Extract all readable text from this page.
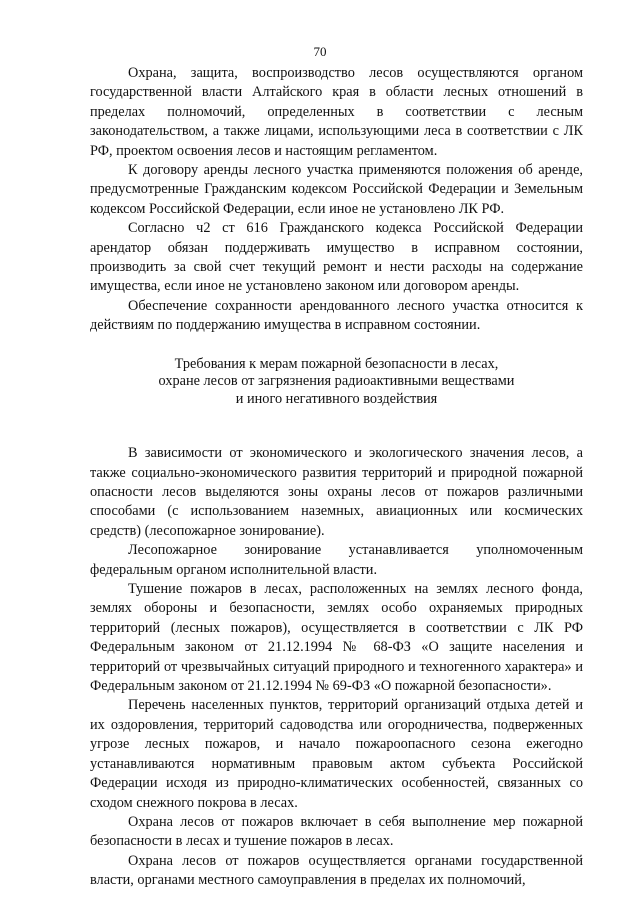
70

Охрана, защита, воспроизводство лесов осуществляются органом государственной власти Алтайского края в области лесных отношений в пределах полномочий, определенных в соответствии с лесным законодательством, а также лицами, использующими леса в соответствии с ЛК РФ, проектом освоения лесов и настоящим регламентом.

К договору аренды лесного участка применяются положения об аренде, предусмотренные Гражданским кодексом Российской Федерации и Земельным кодексом Российской Федерации, если иное не установлено ЛК РФ.

Согласно ч2 ст 616 Гражданского кодекса Российской Федерации арендатор обязан поддерживать имущество в исправном состоянии, производить за свой счет текущий ремонт и нести расходы на содержание имущества, если иное не установлено законом или договором аренды.

Обеспечение сохранности арендованного лесного участка относится к действиям по поддержанию имущества в исправном состоянии.

Требования к мерам пожарной безопасности в лесах,
охране лесов от загрязнения радиоактивными веществами
и иного негативного воздействия

В зависимости от экономического и экологического значения лесов, а также социально-экономического развития территорий и природной пожарной опасности лесов выделяются зоны охраны лесов от пожаров различными способами (с использованием наземных, авиационных или космических средств) (лесопожарное зонирование).

Лесопожарное зонирование устанавливается уполномоченным федеральным органом исполнительной власти.

Тушение пожаров в лесах, расположенных на землях лесного фонда, землях обороны и безопасности, землях особо охраняемых природных территорий (лесных пожаров), осуществляется в соответствии с ЛК РФ Федеральным законом от 21.12.1994 № 68-ФЗ «О защите населения и территорий от чрезвычайных ситуаций природного и техногенного характера» и Федеральным законом от 21.12.1994 № 69-ФЗ «О пожарной безопасности».

Перечень населенных пунктов, территорий организаций отдыха детей и их оздоровления, территорий садоводства или огородничества, подверженных угрозе лесных пожаров, и начало пожароопасного сезона ежегодно устанавливаются нормативным правовым актом субъекта Российской Федерации исходя из природно-климатических особенностей, связанных со сходом снежного покрова в лесах.

Охрана лесов от пожаров включает в себя выполнение мер пожарной безопасности в лесах и тушение пожаров в лесах.

Охрана лесов от пожаров осуществляется органами государственной власти, органами местного самоуправления в пределах их полномочий,
